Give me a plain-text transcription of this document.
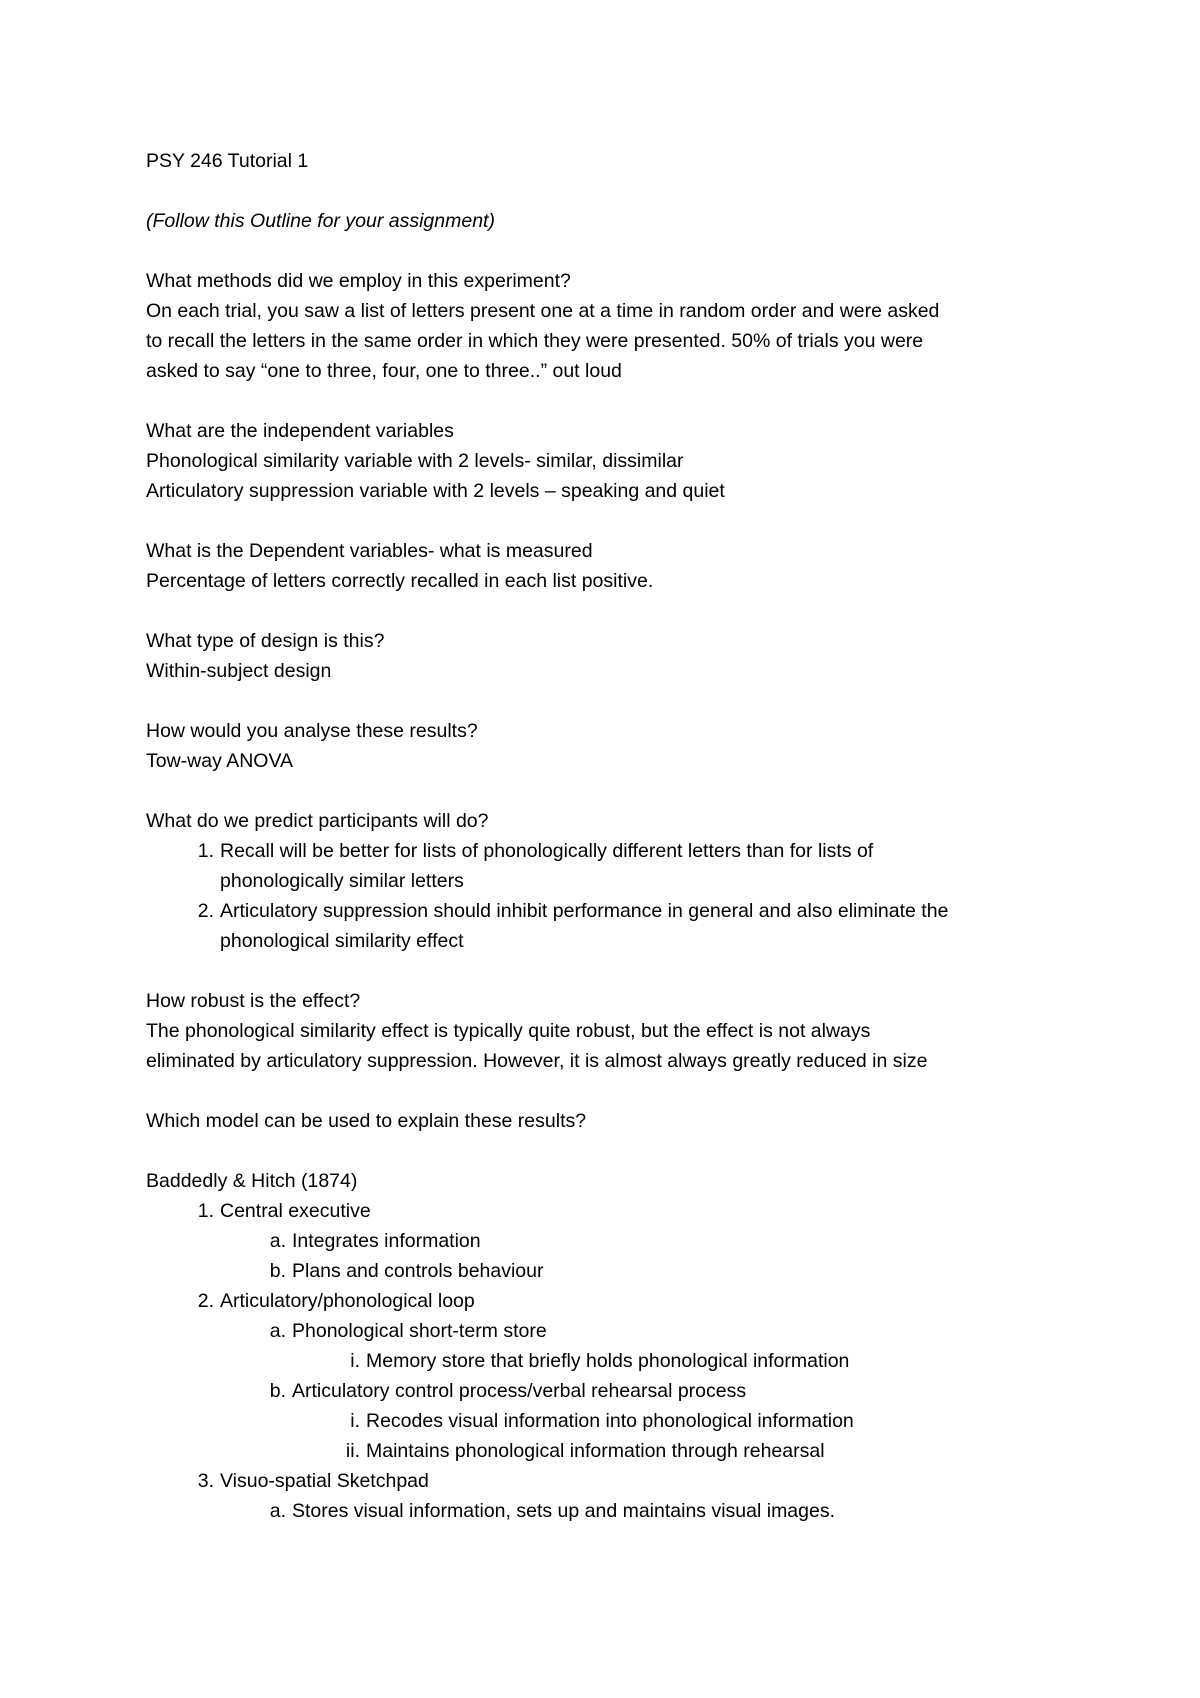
PSY 246 Tutorial 1

(Follow this Outline for your assignment)

What methods did we employ in this experiment?

On each trial, you saw a list of letters present one at a time in random order and were asked

to recall the letters in the same order in which they were presented. 50% of trials you were

asked to say “one to three, four, one to three..” out loud

What are the independent variables

Phonological similarity variable with 2 levels- similar, dissimilar

Articulatory suppression variable with 2 levels – speaking and quiet

What is the Dependent variables- what is measured

Percentage of letters correctly recalled in each list positive.

What type of design is this?

Within-subject design

How would you analyse these results?

Tow-way ANOVA

What do we predict participants will do?

1. Recall will be better for lists of phonologically different letters than for lists of
phonologically similar letters
2. Articulatory suppression should inhibit performance in general and also eliminate the
phonological similarity effect

How robust is the effect?

The phonological similarity effect is typically quite robust, but the effect is not always

eliminated by articulatory suppression. However, it is almost always greatly reduced in size

Which model can be used to explain these results?

Baddedly & Hitch (1874)

1. Central executive
a. Integrates information
b. Plans and controls behaviour
2. Articulatory/phonological loop
a. Phonological short-term store
i. Memory store that briefly holds phonological information
b. Articulatory control process/verbal rehearsal process
i. Recodes visual information into phonological information
ii. Maintains phonological information through rehearsal
3. Visuo-spatial Sketchpad
a. Stores visual information, sets up and maintains visual images.
